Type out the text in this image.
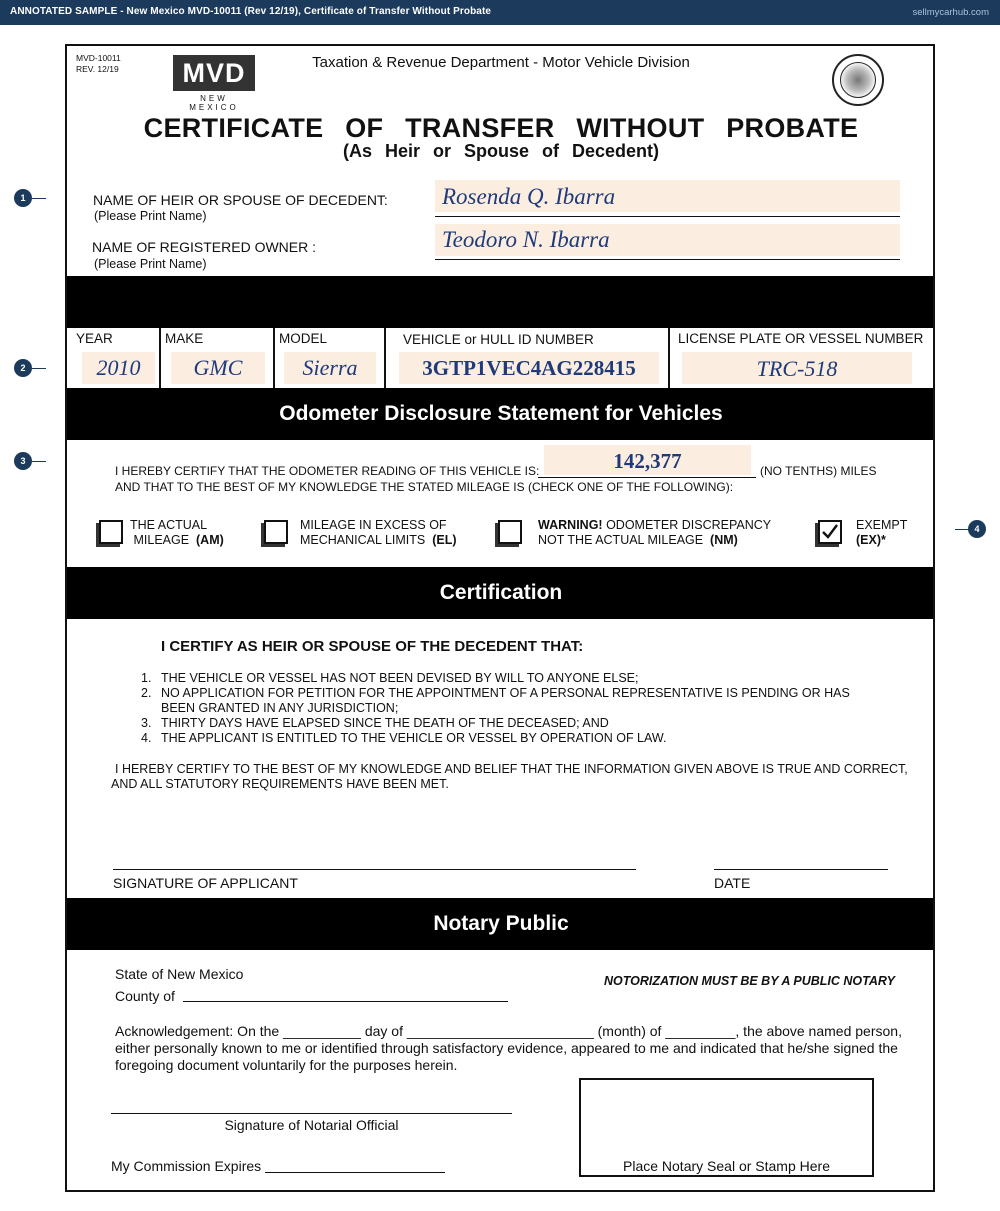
ANNOTATED SAMPLE - New Mexico MVD-10011 (Rev 12/19), Certificate of Transfer Without Probate	sellmycarhub.com
1
2
3
4
MVD-10011
REV. 12/19	MVD
NEW MEXICO
Taxation & Revenue Department - Motor Vehicle Division
CERTIFICATE OF TRANSFER WITHOUT PROBATE
(As Heir or Spouse of Decedent)
NAME OF HEIR OR SPOUSE OF DECEDENT:
(Please Print Name)
Rosenda Q. Ibarra
NAME OF REGISTERED OWNER :
(Please Print Name)
Teodoro N. Ibarra
YEAR	MAKE	MODEL	VEHICLE or HULL ID NUMBER	LICENSE PLATE OR VESSEL NUMBER
2010	GMC	Sierra	3GTP1VEC4AG228415	TRC-518
Odometer Disclosure Statement for Vehicles
142,377
I HEREBY CERTIFY THAT THE ODOMETER READING OF THIS VEHICLE IS:	(NO TENTHS) MILES
AND THAT TO THE BEST OF MY KNOWLEDGE THE STATED MILEAGE IS (CHECK ONE OF THE FOLLOWING):
THE ACTUAL
MILEAGE (AM)
MILEAGE IN EXCESS OF
MECHANICAL LIMITS (EL)
WARNING! ODOMETER DISCREPANCY
NOT THE ACTUAL MILEAGE (NM)
EXEMPT
(EX)*
Certification
I CERTIFY AS HEIR OR SPOUSE OF THE DECEDENT THAT:
1. THE VEHICLE OR VESSEL HAS NOT BEEN DEVISED BY WILL TO ANYONE ELSE;
2. NO APPLICATION FOR PETITION FOR THE APPOINTMENT OF A PERSONAL REPRESENTATIVE IS PENDING OR HAS
BEEN GRANTED IN ANY JURISDICTION;
3. THIRTY DAYS HAVE ELAPSED SINCE THE DEATH OF THE DECEASED; AND
4. THE APPLICANT IS ENTITLED TO THE VEHICLE OR VESSEL BY OPERATION OF LAW.
I HEREBY CERTIFY TO THE BEST OF MY KNOWLEDGE AND BELIEF THAT THE INFORMATION GIVEN ABOVE IS TRUE AND CORRECT,
AND ALL STATUTORY REQUIREMENTS HAVE BEEN MET.
SIGNATURE OF APPLICANT	DATE
Notary Public
State of New Mexico
County of
NOTORIZATION MUST BE BY A PUBLIC NOTARY
Acknowledgement: On the __________ day of ________________________ (month) of _________, the above named person,
either personally known to me or identified through satisfactory evidence, appeared to me and indicated that he/she signed the
foregoing document voluntarily for the purposes herein.
Signature of Notarial Official
My Commission Expires	Place Notary Seal or Stamp Here
